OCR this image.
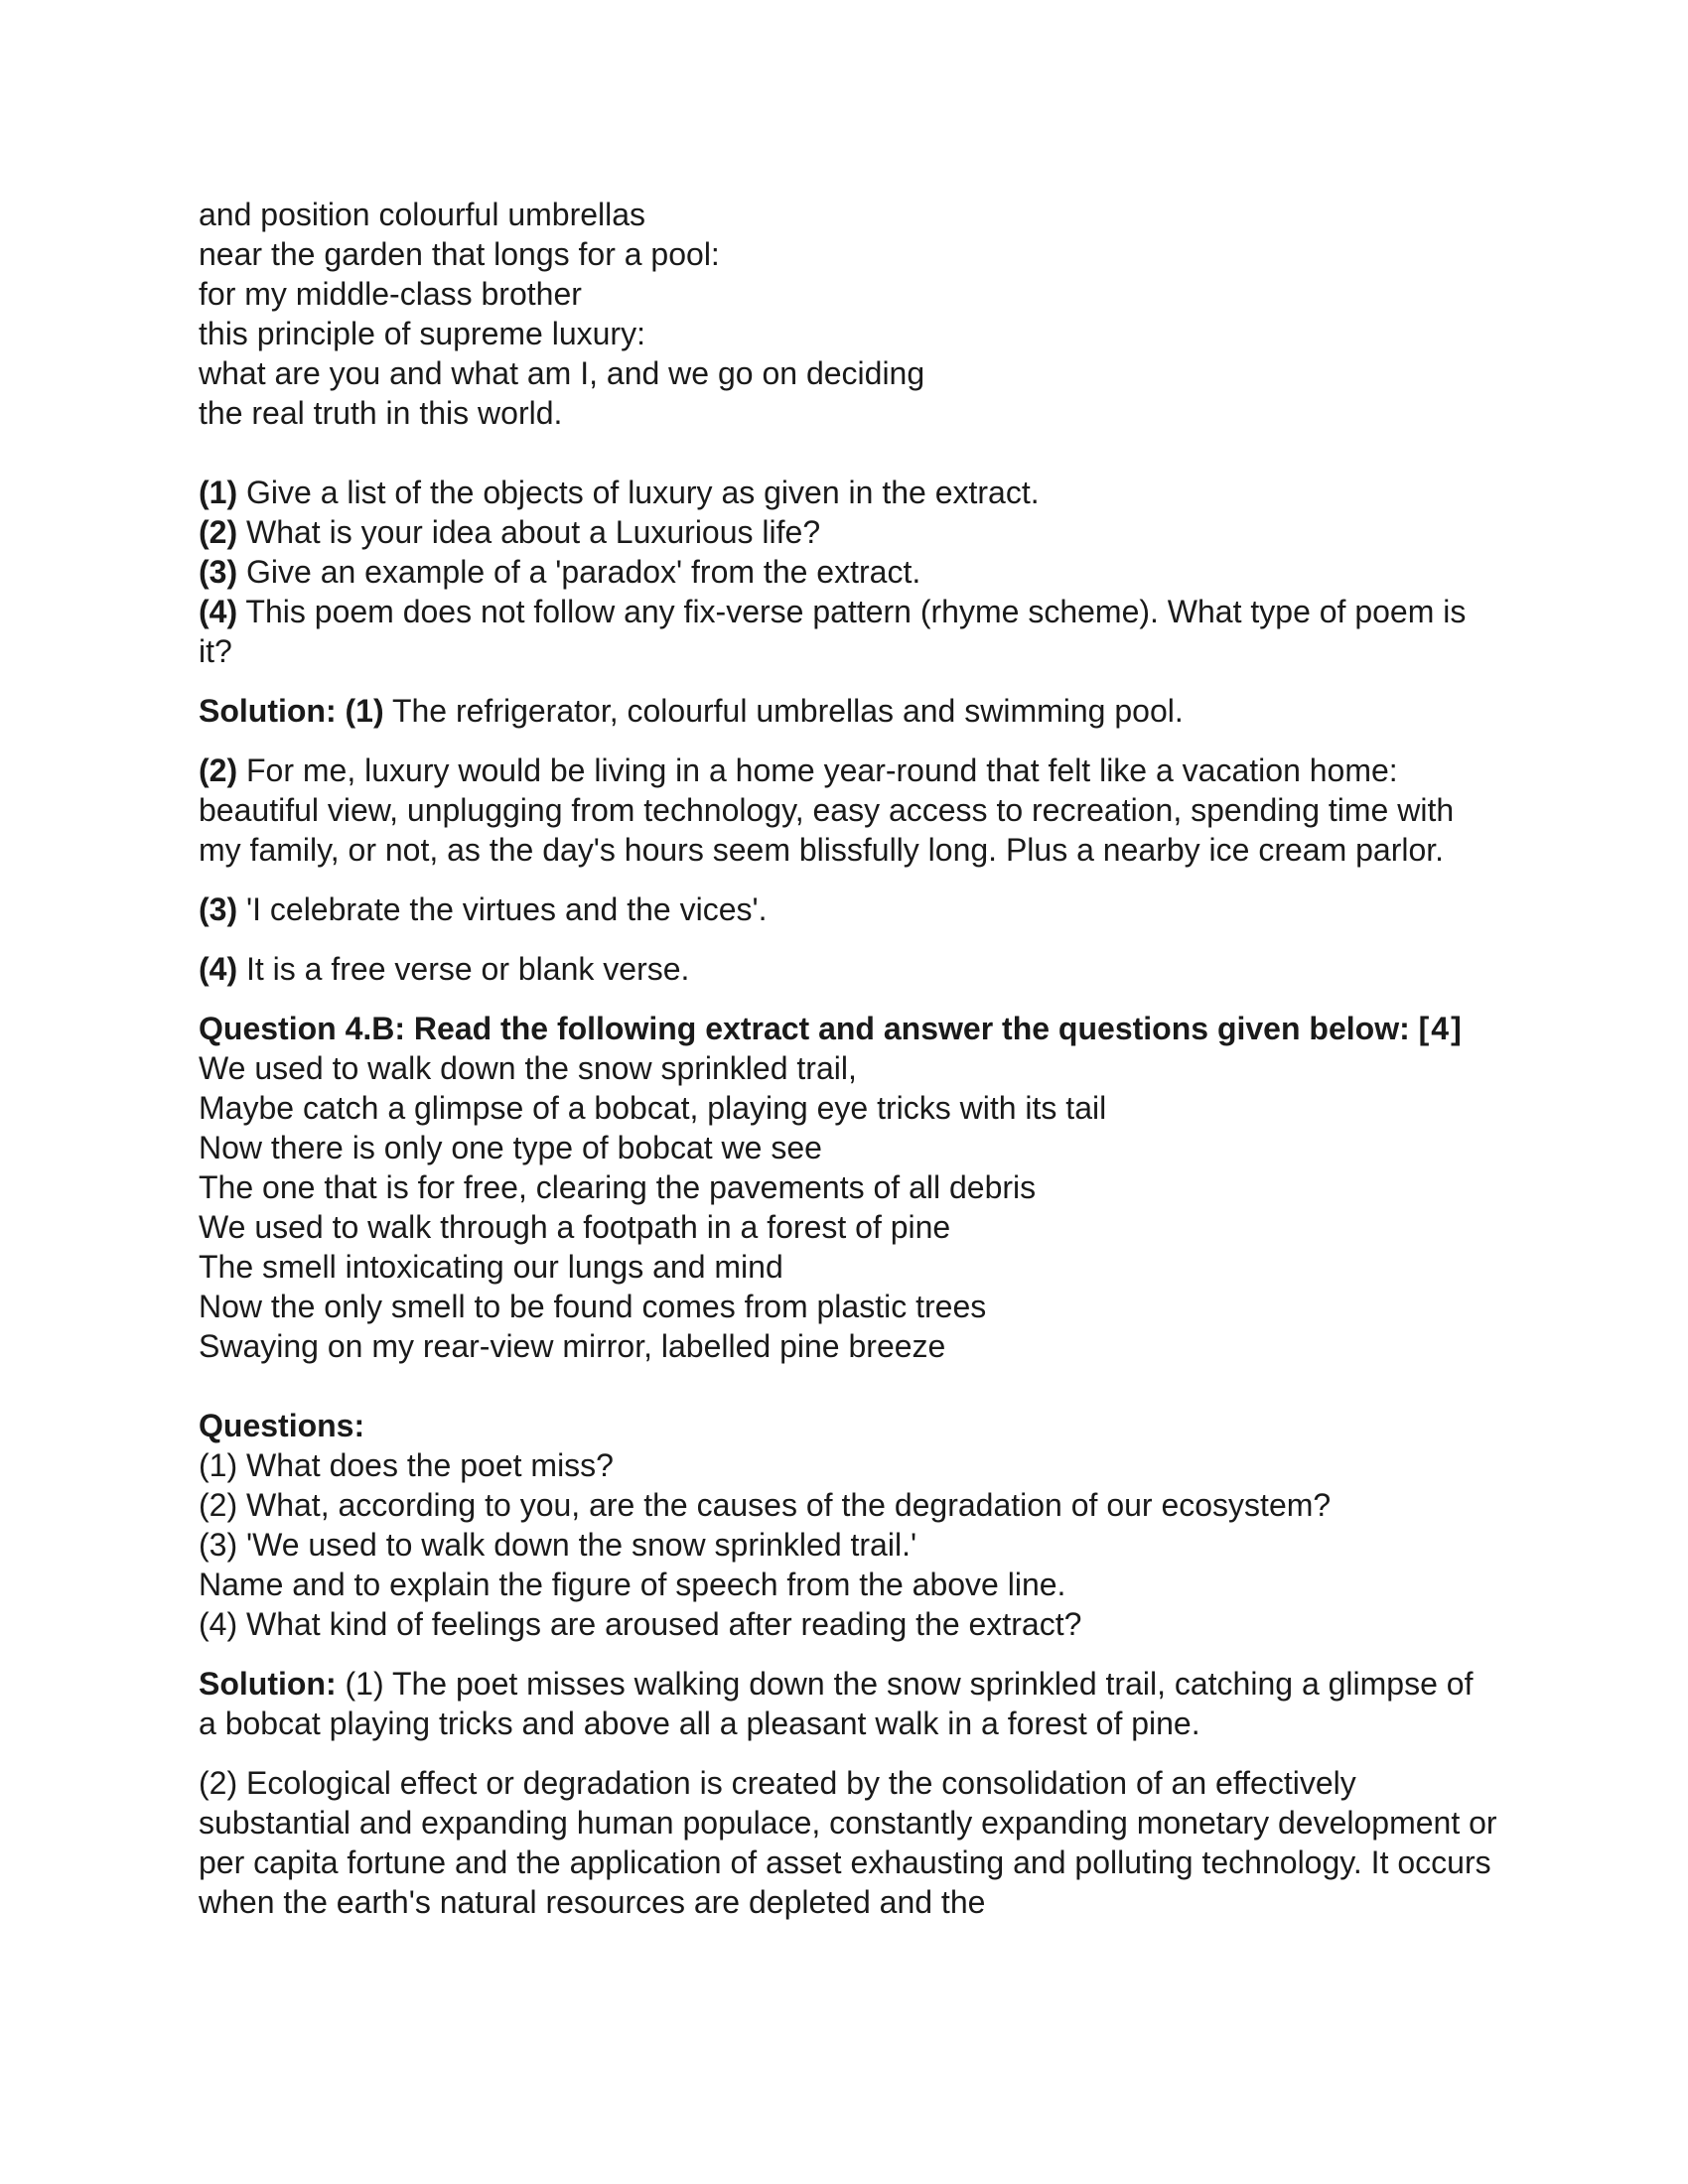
and position colourful umbrellas
near the garden that longs for a pool:
for my middle-class brother
this principle of supreme luxury:
what are you and what am I, and we go on deciding
the real truth in this world.
(1) Give a list of the objects of luxury as given in the extract.
(2) What is your idea about a Luxurious life?
(3) Give an example of a 'paradox' from the extract.
(4) This poem does not follow any fix-verse pattern (rhyme scheme). What type of poem is it?
Solution: (1) The refrigerator, colourful umbrellas and swimming pool.
(2) For me, luxury would be living in a home year-round that felt like a vacation home: beautiful view, unplugging from technology, easy access to recreation, spending time with my family, or not, as the day's hours seem blissfully long. Plus a nearby ice cream parlor.
(3) 'I celebrate the virtues and the vices'.
(4) It is a free verse or blank verse.
Question 4.B: Read the following extract and answer the questions given below: [4]
We used to walk down the snow sprinkled trail,
Maybe catch a glimpse of a bobcat, playing eye tricks with its tail
Now there is only one type of bobcat we see
The one that is for free, clearing the pavements of all debris
We used to walk through a footpath in a forest of pine
The smell intoxicating our lungs and mind
Now the only smell to be found comes from plastic trees
Swaying on my rear-view mirror, labelled pine breeze
Questions:
(1) What does the poet miss?
(2) What, according to you, are the causes of the degradation of our ecosystem?
(3) 'We used to walk down the snow sprinkled trail.'
Name and to explain the figure of speech from the above line.
(4) What kind of feelings are aroused after reading the extract?
Solution: (1) The poet misses walking down the snow sprinkled trail, catching a glimpse of a bobcat playing tricks and above all a pleasant walk in a forest of pine.
(2) Ecological effect or degradation is created by the consolidation of an effectively substantial and expanding human populace, constantly expanding monetary development or per capita fortune and the application of asset exhausting and polluting technology. It occurs when the earth's natural resources are depleted and the
